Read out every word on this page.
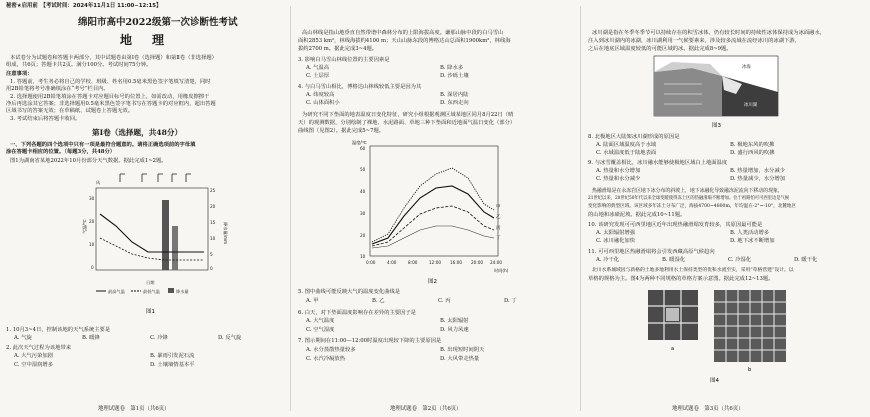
秘密★启用前　【考试时间：2024年11月1日 11:00−12:15】
绵阳市高中2022级第一次诊断性考试
地　理
本试卷分为试题卷和答题卡两部分，其中试题卷由第Ⅰ卷（选择题）和第Ⅱ卷（非选择题）
组成，共6页；答题卡共2页。满分100分。考试时间75分钟。
注意事项：
1. 答题前，考生务必将自己的学校、班级、姓名用0.5毫米黑色签字笔填写清楚，同时
用2B铅笔将考号准确填涂在“考号”栏目内。
2. 选择题使用2B铅笔填涂在答题卡对应题目标号的位置上，如需改动，用橡皮擦擦干
净后再选涂其它答案；非选择题用0.5毫米黑色签字笔书写在答题卡的对应框内，超出答题
区域书写的答案无效；在草稿纸、试题卷上答题无效。
3. 考试结束后将答题卡收回。
第Ⅰ卷（选择题，共48分）
一、下列各题的四个选项中只有一项是最符合题意的。请将正确选项前的字母填
涂在答题卡相应的位置。（每题3分，共48分）
图1为湖南省某地2022年10月份部分天气数据。据此完成1~2题。
风
30
20
10
0
25
20
15
10
5
0
日期
气温/℃	降水量/mm
最高气温	最低气温	降水量
图1
1. 10月3~4日，控制该地的天气系统主要是
A. 气旋	B. 暖锋	C. 冷锋	D. 反气旋
2. 此次天气过程为该地带来
A. 大气污染加剧	B. 暴雨引发泥石流
C. 空中湿润增多	D. 土壤墒情基本平
地理试题卷　第1页（共6页）
高山林线是指山地垂直自然带谱中森林分布的上限海拔高度。谦那山脉中段的白马雪山
面积2853 km²，林线海拔约4100 m；天山山脉东段的博格达山总面积1900km²，林线海
拔约2700 m。据此完成3~4题。
3. 影响白马雪山林线位置的主要因素是
A. 气温高	B. 降水多
C. 土层厚	D. 沙砾土壤
4. 与白马雪山相比，博格达山林线较低主要是因为其
A. 纬度较高	B. 深居内陆
C. 山体面积小	D. 东西走向
为研究不同下垫面的地表温度日变化特征，研究小组根据观测区域某地区同月8月22日（晴
天）的观测数据，分别绘制了裸地、水泥路面、草地三种下垫面和近地面气温日变化（部分）
曲线图（见图2）。据此完成5~7题。
60
50
40
30
20
10
0:00	4:00	8:00	12:00 16:00 20:00 24:00
时间(h)
温度/℃
甲
乙
丙
丁
图2
5. 图中曲线可能反映大气的温度变化曲线是
A. 甲	B. 乙	C. 丙	D. 丁
6. 白天，对下垫面温度影响存在差异的主要因子是
A. 大气温度	B. 太阳辐射
C. 空气湿度	D. 风力风速
7. 图示期间在11:00—12:00时温度出现较下降的主要原因是
A. 水分蒸散热量较多	B. 出现短时间阴天
C. 水汽冷凝放热	D. 大风带走热量
地理试题卷　第2页（共6页）
冰川湖是指在冬季冬季节可以持续存在的积雪冰体，仍有较长时间的持续性冰体保持成为冰面融水，
注入到冰川湖内的冰湖，冰川湖利用一气候要素来，涉及较多流域在流经冰川的冰湖下游，
之后在地底区域温度较低的可能区域的冰。据此完成8~9题。
冰海
冰川湖
图3
8. 北极地区大陆架冰川湖形成的原因是
A. 陆面区域温度高于水域	B. 极地东风的吹拂
C. 水域温度低于陆地表面	D. 盛行西风的吹拂
9. 与冰雪覆盖相比，冰川融水能够使极地区域白上地面温度
A. 热量和水分增加	B. 热量增加，水分减少
C. 热量和水分减少	D. 热量减少，水分增加
热融滑塌是在永冻岩区地下冰分布的斜坡上，地下冰融化导致融冻泥流向下移动的现象，
21世纪以来，20世纪50年代以来全球变暖使得冻土区的热融滑塌不断增加。位于祖路怕可可西里边是气候
变化影响的典型区域。该区域多年冻土分布广泛，海拔4700~4800m，年均温在-2°~-10°，北麓地区
的山地和冰碛泥坡。据此完成10~11题。
10. 该研究发现可可西里地区近年出现热融滑塌发育较多，其原因最可能是
A. 太阳辐射增强	B. 人类活动增多
C. 冰川融化加快	D. 地下冰不断增加
11. 可可西里地区热融滑塌将会引发西藏高原气候趋向
A. 冷干化	B. 暖湿化	C. 冷湿化	D. 暖干化
北川水系城域因与新格的土地多地利用水土保持类型的优和水流至实，采用“草格营建”设计。以
草格的规格为主。图4为两种不同规格的草格方案示意图。据此完成12~13题。
a
b
图4
地理试题卷　第3页（共6页）
